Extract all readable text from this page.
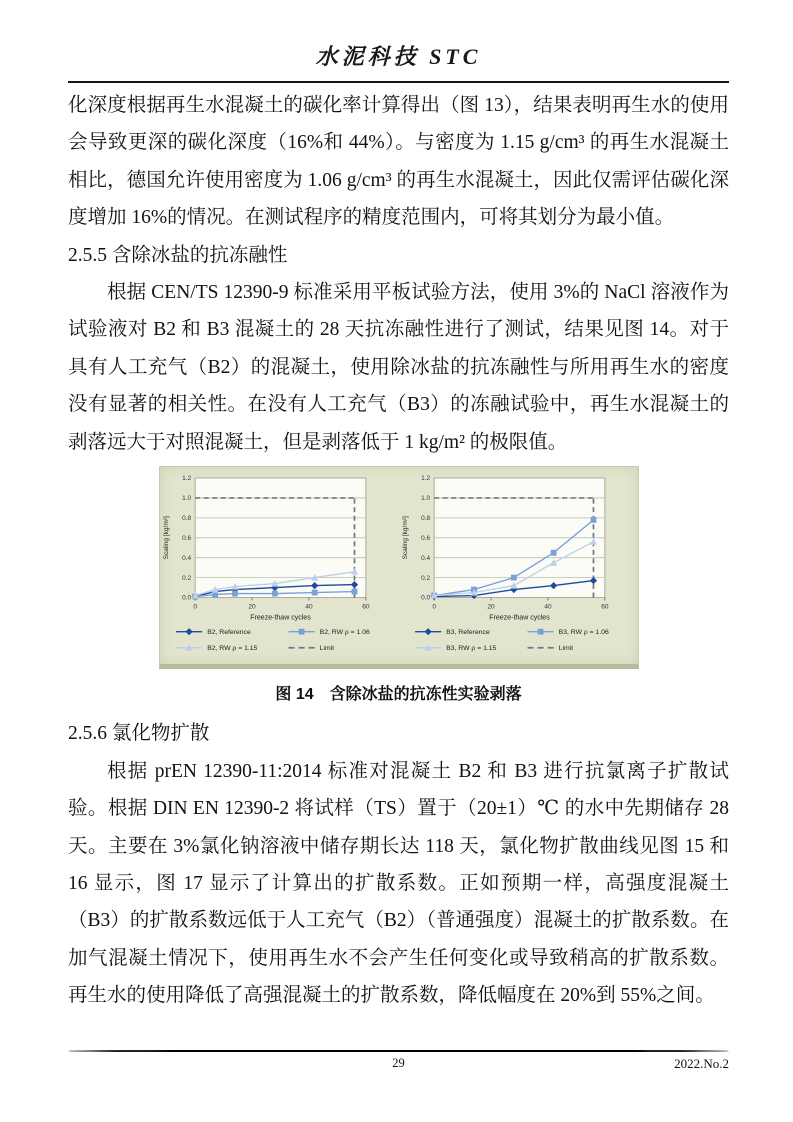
水泥科技 STC

化深度根据再生水混凝土的碳化率计算得出（图 13），结果表明再生水的使用会导致更深的碳化深度（16%和 44%）。与密度为 1.15 g/cm³ 的再生水混凝土相比，德国允许使用密度为 1.06 g/cm³ 的再生水混凝土，因此仅需评估碳化深度增加 16%的情况。在测试程序的精度范围内，可将其划分为最小值。

2.5.5 含除冰盐的抗冻融性

根据 CEN/TS 12390-9 标准采用平板试验方法，使用 3%的 NaCl 溶液作为试验液对 B2 和 B3 混凝土的 28 天抗冻融性进行了测试，结果见图 14。对于具有人工充气（B2）的混凝土，使用除冰盐的抗冻融性与所用再生水的密度没有显著的相关性。在没有人工充气（B3）的冻融试验中，再生水混凝土的剥落远大于对照混凝土，但是剥落低于 1 kg/m² 的极限值。

0.0
0.2
0.4
0.6
0.8
1.0
1.2
0	20	40	60
Freeze-thaw cycles
Scaling [kg/m²]
B2, Reference	B2, RW ρ = 1.06
B2, RW ρ = 1.15	Limit
0.0
0.2
0.4
0.6
0.8
1.0
1.2
0	20	40	60
Freeze-thaw cycles
Scaling [kg/m²]
B3, Reference	B3, RW ρ = 1.06
B3, RW ρ = 1.15	Limit
图 14　含除冰盐的抗冻性实验剥落

2.5.6 氯化物扩散

根据 prEN 12390-11:2014 标准对混凝土 B2 和 B3 进行抗氯离子扩散试验。根据 DIN EN 12390-2 将试样（TS）置于（20±1）℃ 的水中先期储存 28 天。主要在 3%氯化钠溶液中储存期长达 118 天，氯化物扩散曲线见图 15 和 16 显示，图 17 显示了计算出的扩散系数。正如预期一样，高强度混凝土（B3）的扩散系数远低于人工充气（B2）（普通强度）混凝土的扩散系数。在加气混凝土情况下，使用再生水不会产生任何变化或导致稍高的扩散系数。再生水的使用降低了高强混凝土的扩散系数，降低幅度在 20%到 55%之间。

29	2022.No.2
